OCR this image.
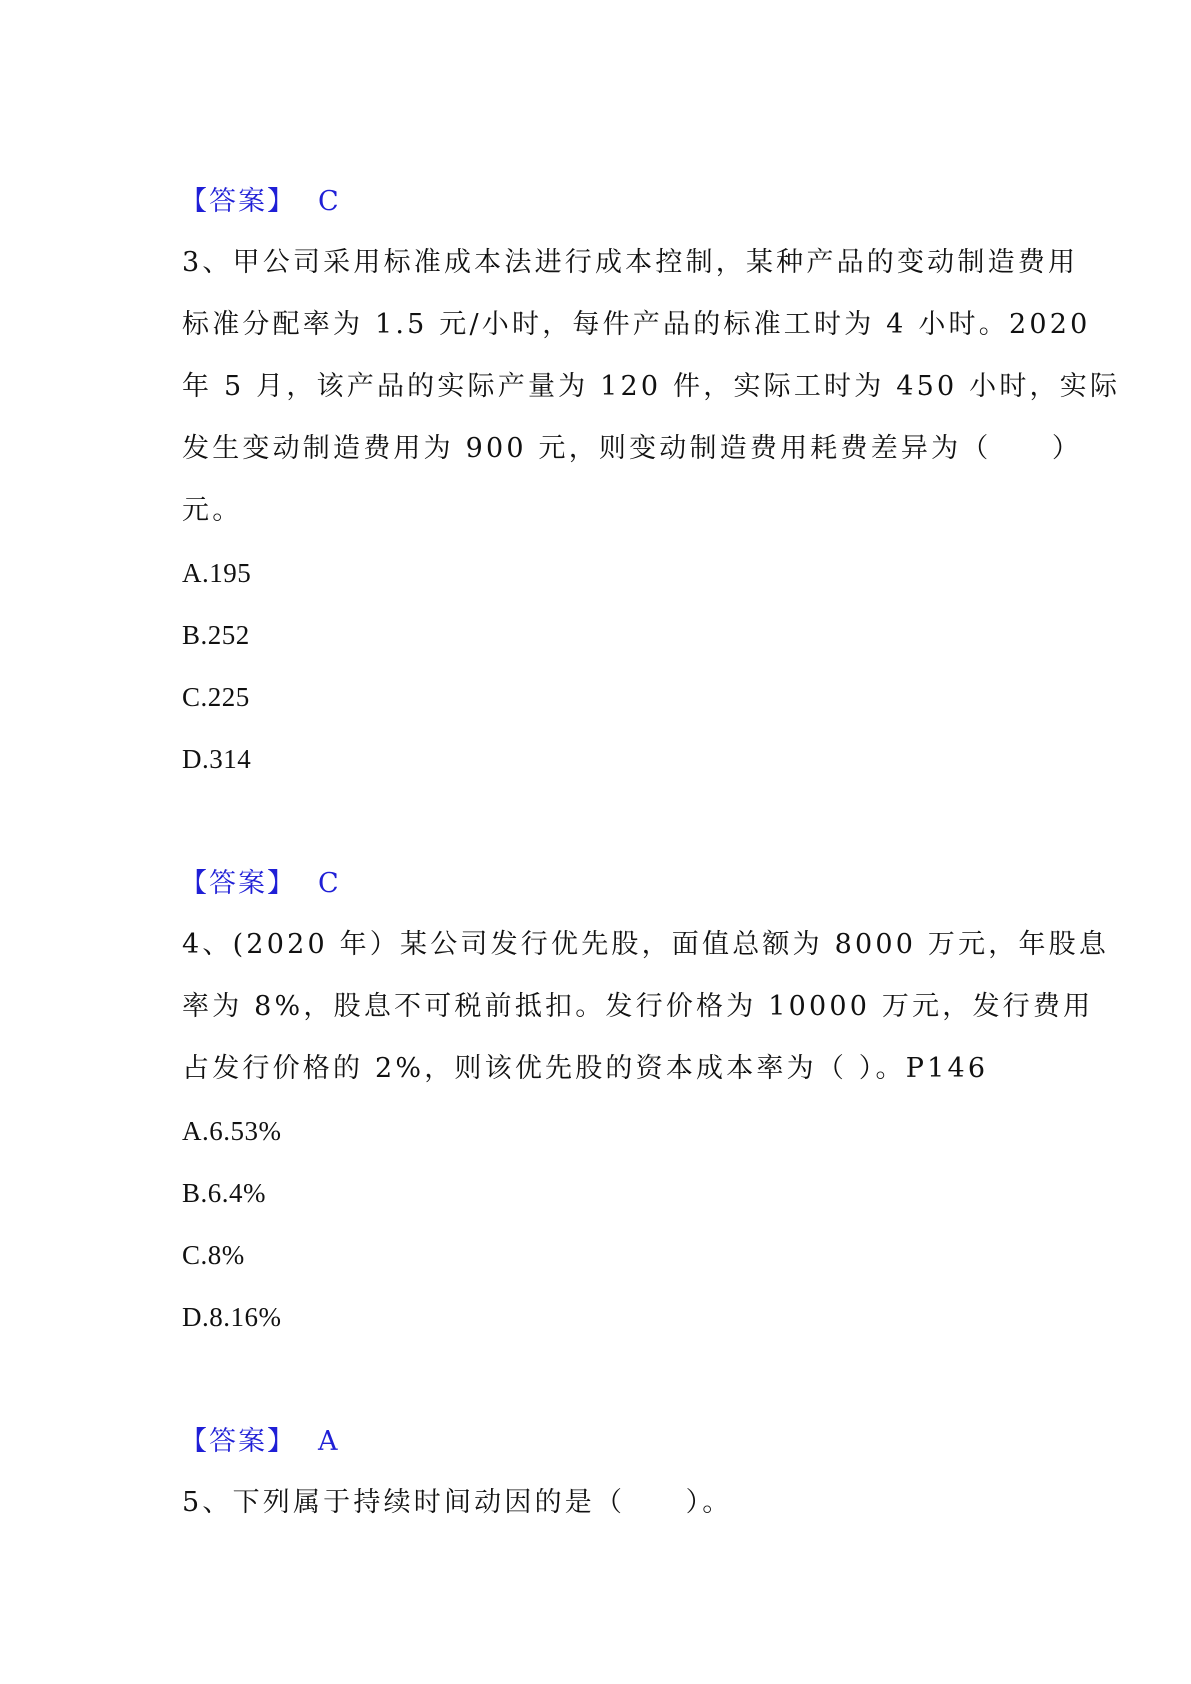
【答案】 C
3、甲公司采用标准成本法进行成本控制，某种产品的变动制造费用
标准分配率为 1.5 元/小时，每件产品的标准工时为 4 小时。2020
年 5 月，该产品的实际产量为 120 件，实际工时为 450 小时，实际
发生变动制造费用为 900 元，则变动制造费用耗费差异为（　　）
元。
A.195
B.252
C.225
D.314
【答案】 C
4、(2020 年）某公司发行优先股，面值总额为 8000 万元，年股息
率为 8%，股息不可税前抵扣。发行价格为 10000 万元，发行费用
占发行价格的 2%，则该优先股的资本成本率为（ ）。P146
A.6.53%
B.6.4%
C.8%
D.8.16%
【答案】 A
5、下列属于持续时间动因的是（　　）。
